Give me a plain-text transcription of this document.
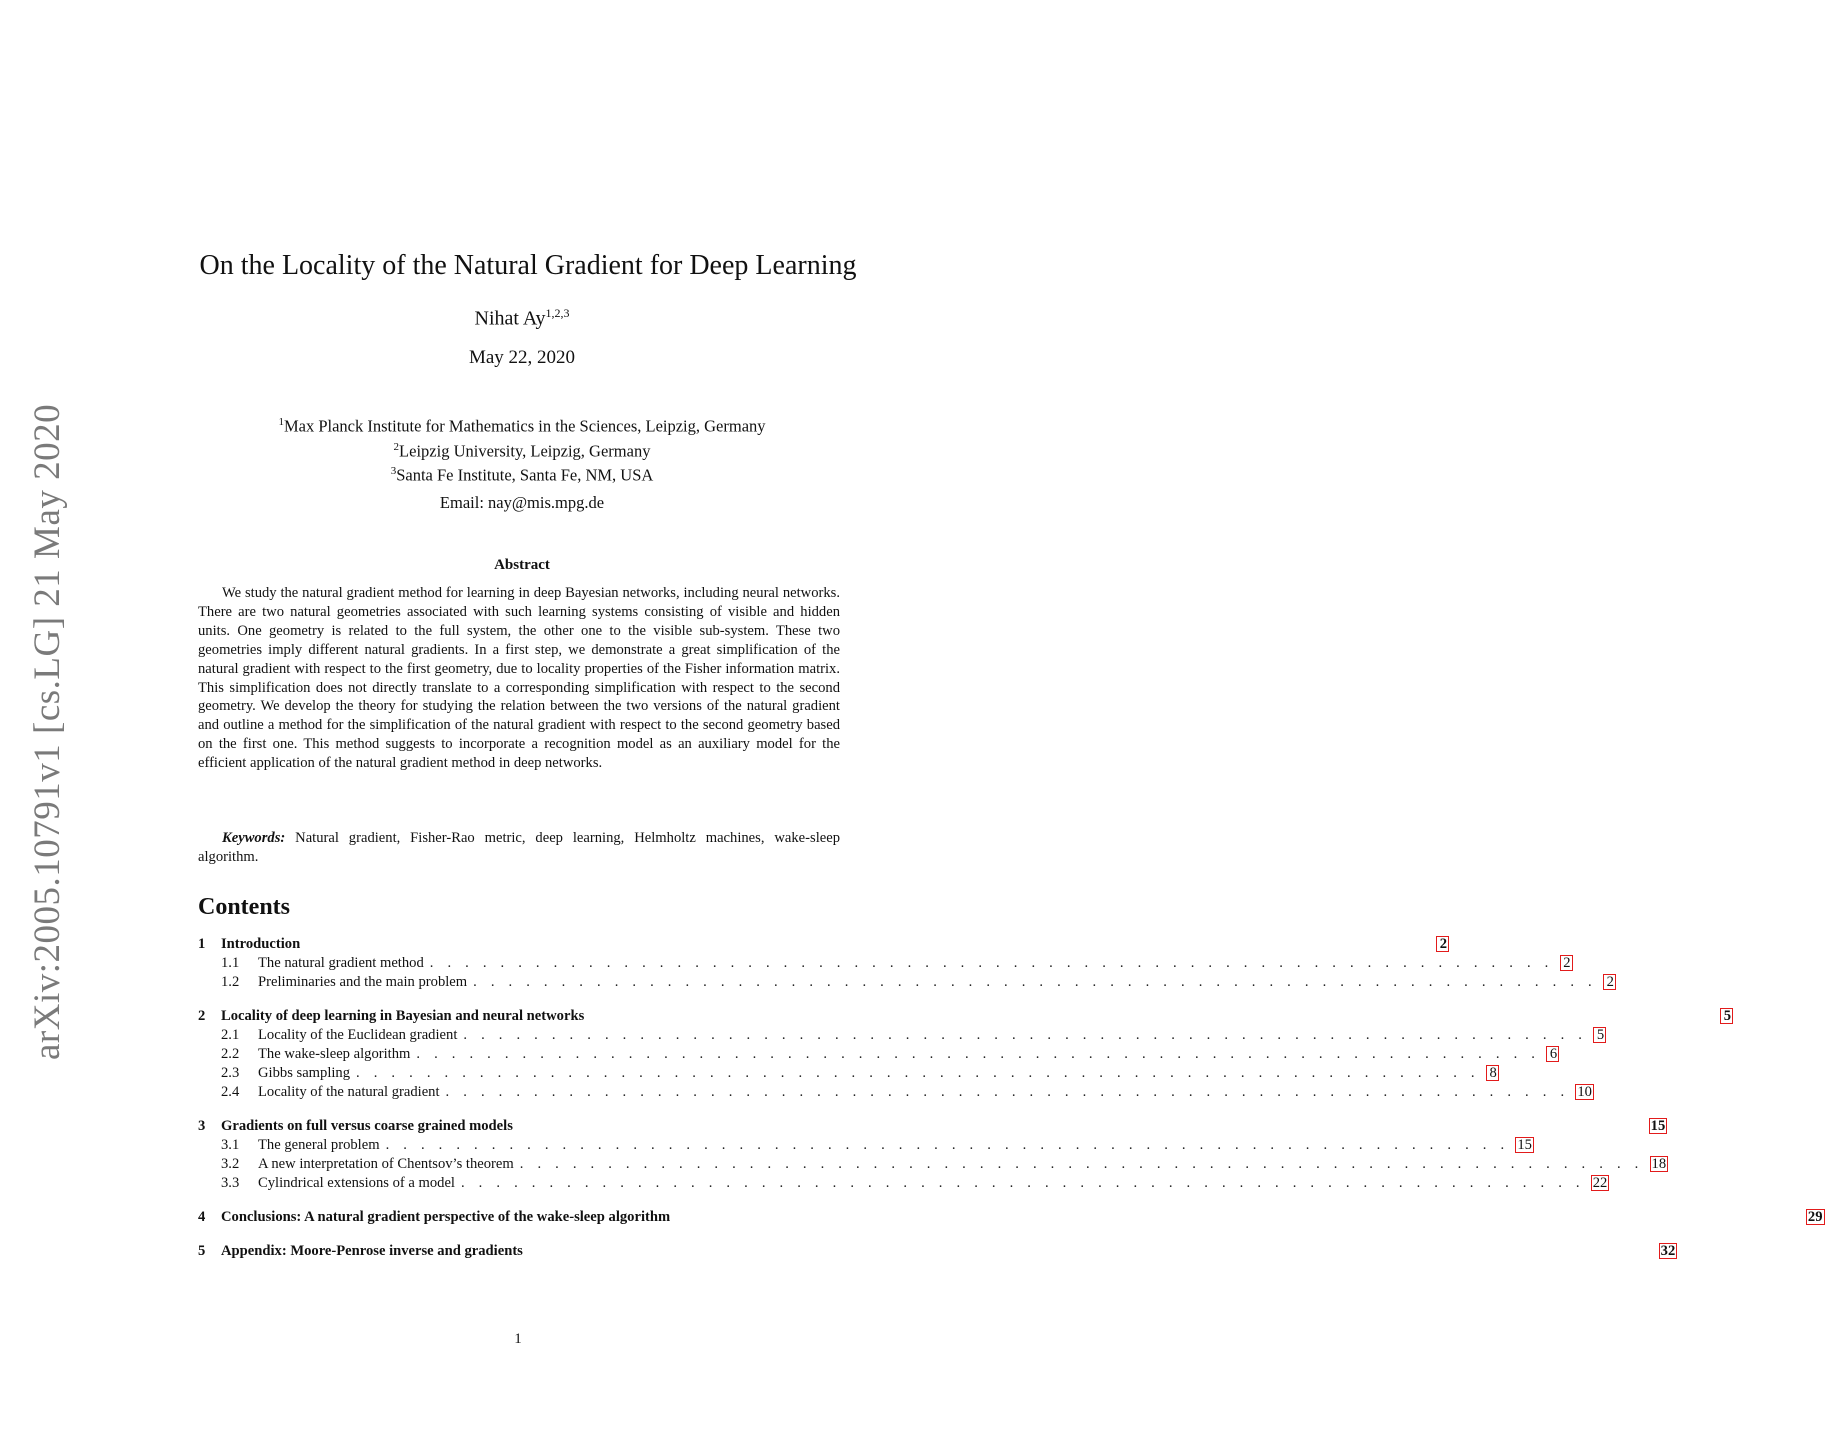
arXiv:2005.10791v1 [cs.LG] 21 May 2020
On the Locality of the Natural Gradient for Deep Learning
Nihat Ay$^{1,2,3}$
May 22, 2020
$^1$Max Planck Institute for Mathematics in the Sciences, Leipzig, Germany
$^2$Leipzig University, Leipzig, Germany
$^3$Santa Fe Institute, Santa Fe, NM, USA
Email: nay@mis.mpg.de
Abstract

We study the natural gradient method for learning in deep Bayesian networks, including neural networks. There are two natural geometries associated with such learning systems consisting of visible and hidden units. One geometry is related to the full system, the other one to the visible sub-system. These two geometries imply different natural gradients. In a first step, we demonstrate a great simplification of the natural gradient with respect to the first geometry, due to locality properties of the Fisher information matrix. This simplification does not directly translate to a corresponding simplification with respect to the second geometry. We develop the theory for studying the relation between the two versions of the natural gradient and outline a method for the simplification of the natural gradient with respect to the second geometry based on the first one. This method suggests to incorporate a recognition model as an auxiliary model for the efficient application of the natural gradient method in deep networks.

Keywords: Natural gradient, Fisher-Rao metric, deep learning, Helmholtz machines, wake-sleep algorithm.

Contents
1	Introduction	2
1.1	The natural gradient method . . . . . . . . . . . . . . . . . . . . . . . . . . . . . . . . . . . . . . . . . . . . . . . . . . . . . . . . . . . . . . . . 2
1.2	Preliminaries and the main problem . . . . . . . . . . . . . . . . . . . . . . . . . . . . . . . . . . . . . . . . . . . . . . . . . . . . . . . . . . . . . . . . 2
2	Locality of deep learning in Bayesian and neural networks	5
2.1	Locality of the Euclidean gradient . . . . . . . . . . . . . . . . . . . . . . . . . . . . . . . . . . . . . . . . . . . . . . . . . . . . . . . . . . . . . . . . 5
2.2	The wake-sleep algorithm . . . . . . . . . . . . . . . . . . . . . . . . . . . . . . . . . . . . . . . . . . . . . . . . . . . . . . . . . . . . . . . . 6
2.3	Gibbs sampling . . . . . . . . . . . . . . . . . . . . . . . . . . . . . . . . . . . . . . . . . . . . . . . . . . . . . . . . . . . . . . . . 8
2.4	Locality of the natural gradient . . . . . . . . . . . . . . . . . . . . . . . . . . . . . . . . . . . . . . . . . . . . . . . . . . . . . . . . . . . . . . . . 10
3	Gradients on full versus coarse grained models	15
3.1	The general problem . . . . . . . . . . . . . . . . . . . . . . . . . . . . . . . . . . . . . . . . . . . . . . . . . . . . . . . . . . . . . . . . 15
3.2	A new interpretation of Chentsov’s theorem . . . . . . . . . . . . . . . . . . . . . . . . . . . . . . . . . . . . . . . . . . . . . . . . . . . . . . . . . . . . . . . . 18
3.3	Cylindrical extensions of a model . . . . . . . . . . . . . . . . . . . . . . . . . . . . . . . . . . . . . . . . . . . . . . . . . . . . . . . . . . . . . . . . 22
4	Conclusions: A natural gradient perspective of the wake-sleep algorithm	29
5	Appendix: Moore-Penrose inverse and gradients	32
1
